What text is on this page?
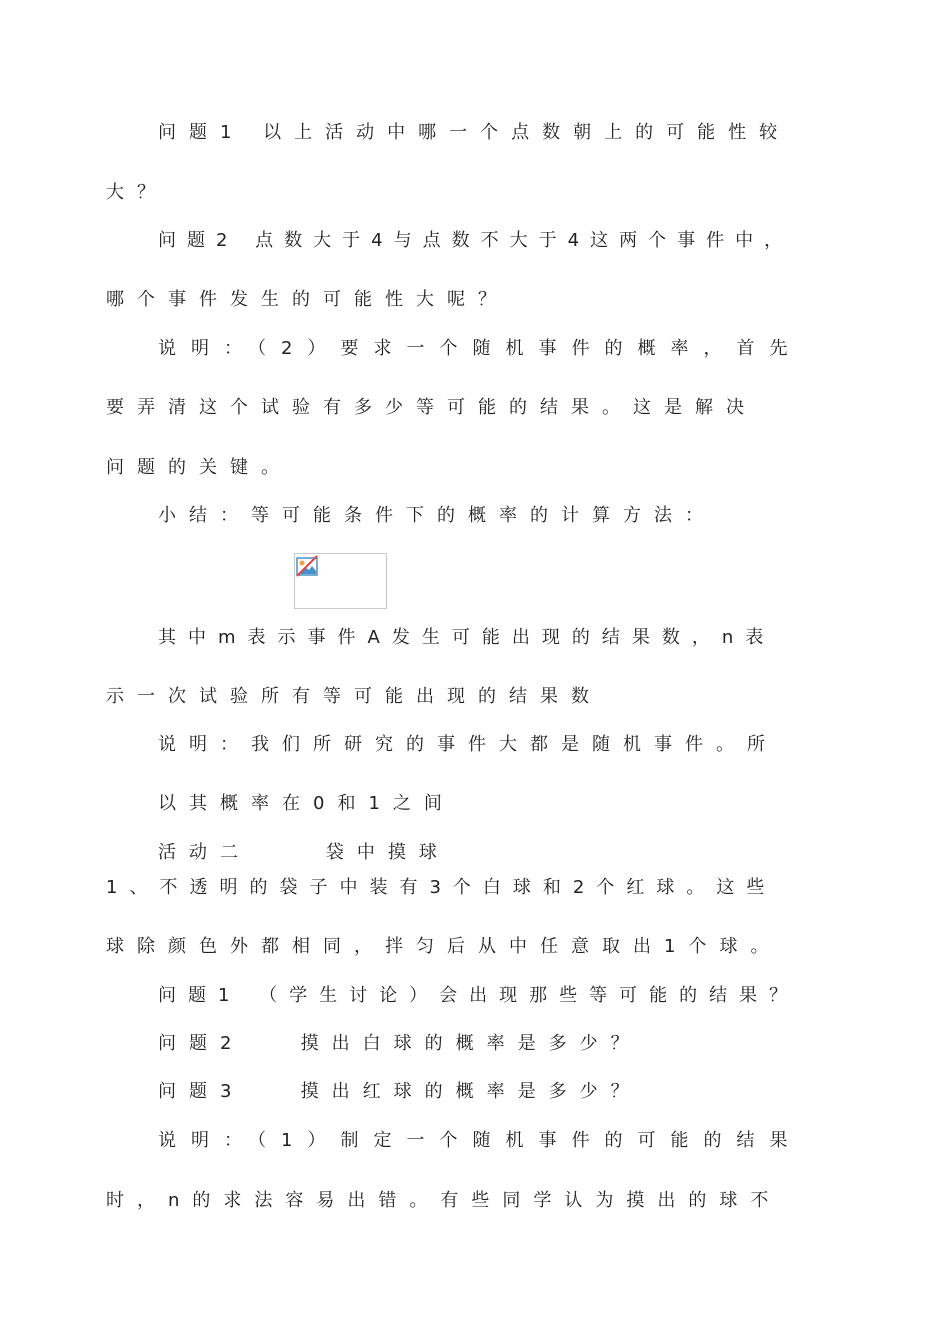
问题1 以上活动中哪一个点数朝上的可能性较
大？
问题2 点数大于4与点数不大于4这两个事件中，
哪个事件发生的可能性大呢？
说明：（2）要求一个随机事件的概率，首先
要弄清这个试验有多少等可能的结果。这是解决
问题的关键。
小结：等可能条件下的概率的计算方法：
其中m表示事件A发生可能出现的结果数，n表
示一次试验所有等可能出现的结果数
说明：我们所研究的事件大都是随机事件。所
以其概率在0和1之间
活动二    袋中摸球
1、不透明的袋子中装有3个白球和2个红球。这些
球除颜色外都相同，拌匀后从中任意取出1个球。
问题1 （学生讨论）会出现那些等可能的结果？
问题2   摸出白球的概率是多少？
问题3   摸出红球的概率是多少？
说明：（1）制定一个随机事件的可能的结果
时，n的求法容易出错。有些同学认为摸出的球不
